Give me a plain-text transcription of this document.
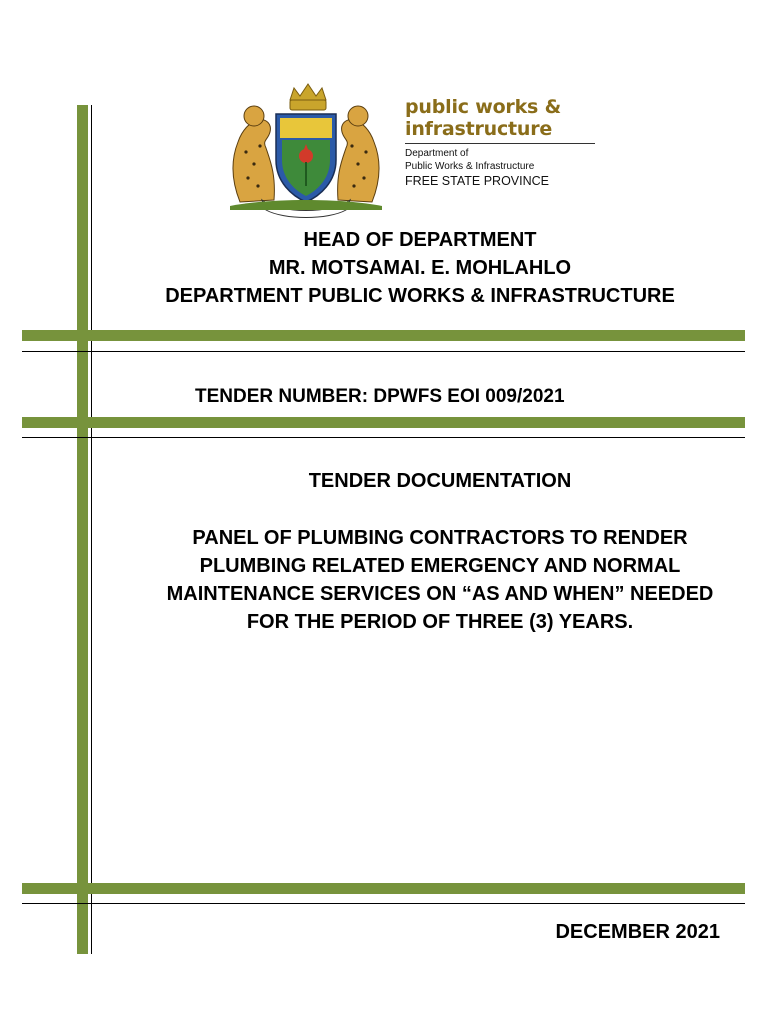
public works &
infrastructure
Department of
Public Works & Infrastructure
FREE STATE PROVINCE
HEAD OF DEPARTMENT
MR. MOTSAMAI. E. MOHLAHLO
DEPARTMENT PUBLIC WORKS & INFRASTRUCTURE
TENDER NUMBER: DPWFS EOI 009/2021
TENDER DOCUMENTATION
PANEL OF PLUMBING CONTRACTORS TO RENDER
PLUMBING RELATED EMERGENCY AND NORMAL
MAINTENANCE SERVICES ON “AS AND WHEN” NEEDED
FOR THE PERIOD OF THREE (3) YEARS.
DECEMBER 2021
